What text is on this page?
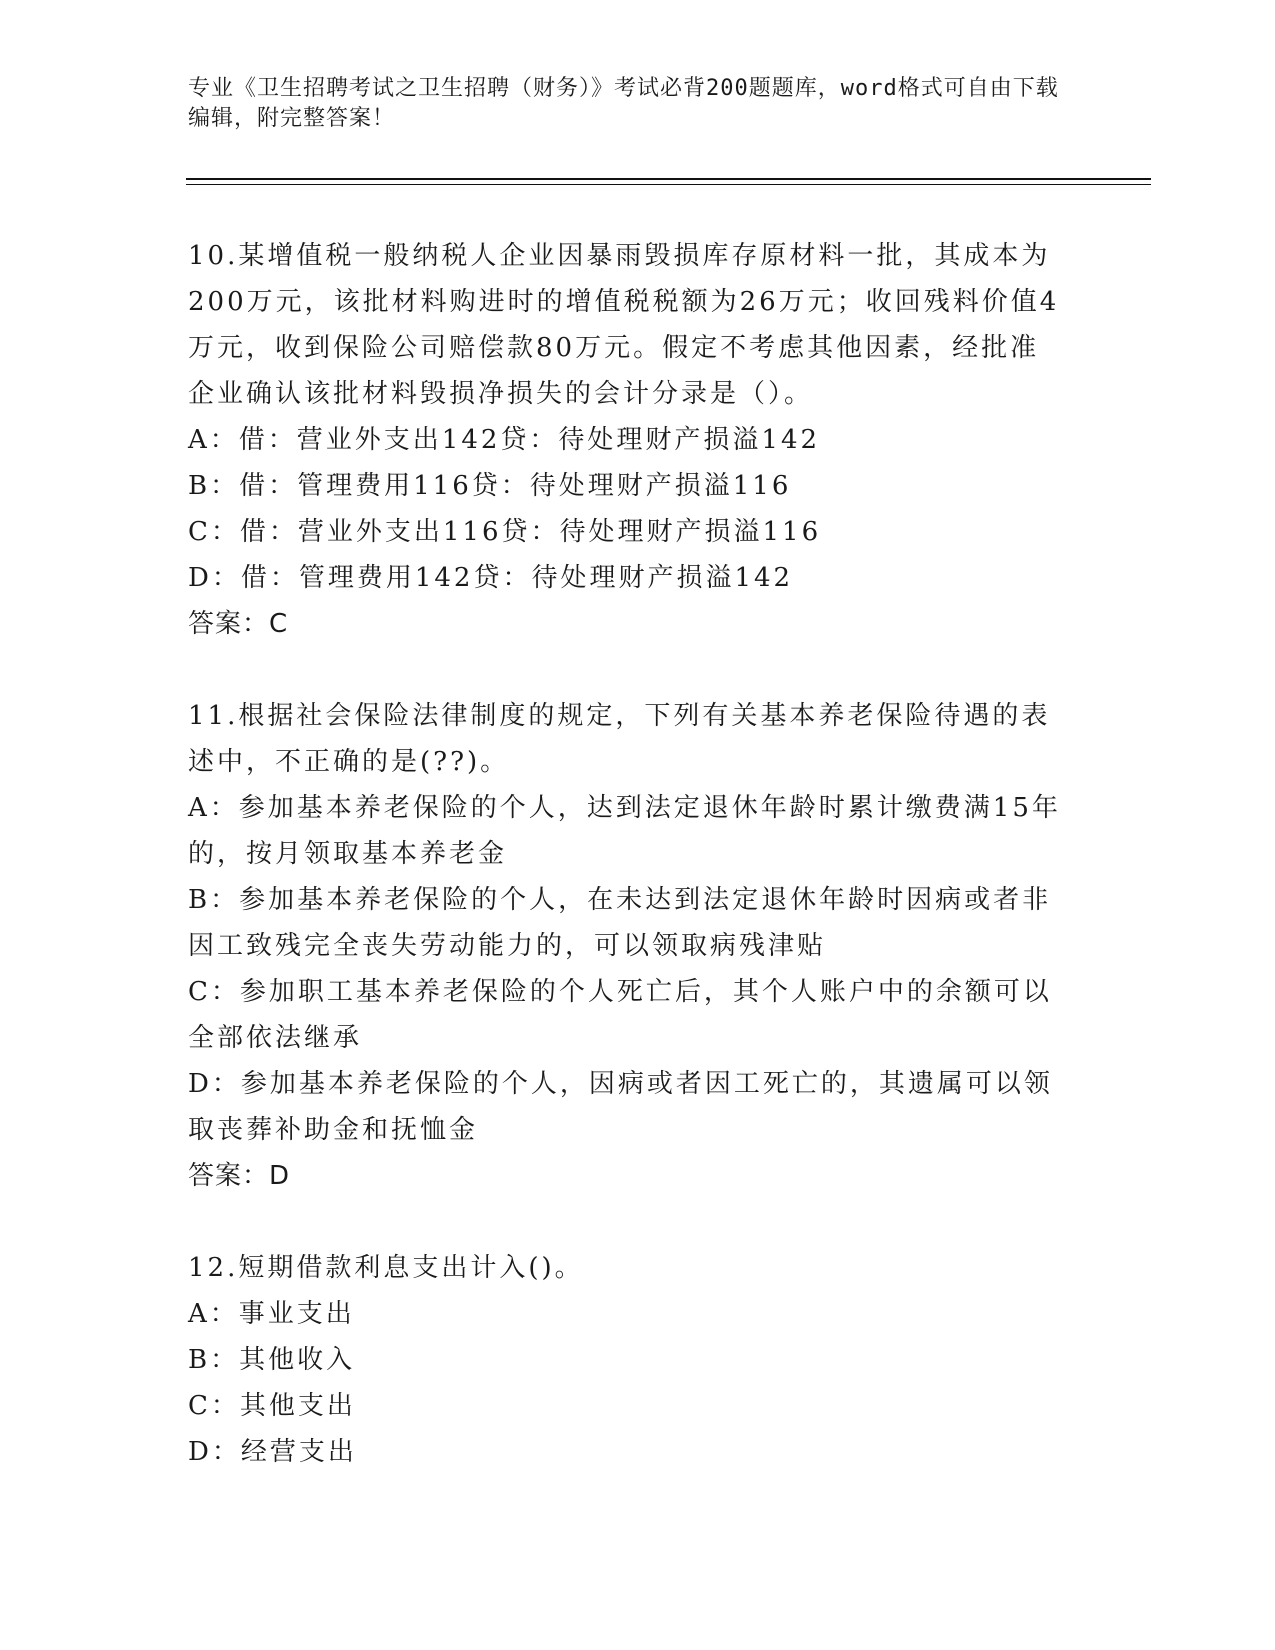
专业《卫生招聘考试之卫生招聘（财务）》考试必背200题题库，word格式可自由下载编辑，附完整答案！

10.某增值税一般纳税人企业因暴雨毁损库存原材料一批，其成本为200万元，该批材料购进时的增值税税额为26万元；收回残料价值4万元，收到保险公司赔偿款80万元。假定不考虑其他因素，经批准企业确认该批材料毁损净损失的会计分录是（）。

A：借：营业外支出142贷：待处理财产损溢142

B：借：管理费用116贷：待处理财产损溢116

C：借：营业外支出116贷：待处理财产损溢116

D：借：管理费用142贷：待处理财产损溢142

答案：C

11.根据社会保险法律制度的规定，下列有关基本养老保险待遇的表述中，不正确的是(??)。

A：参加基本养老保险的个人，达到法定退休年龄时累计缴费满15年的，按月领取基本养老金

B：参加基本养老保险的个人，在未达到法定退休年龄时因病或者非因工致残完全丧失劳动能力的，可以领取病残津贴

C：参加职工基本养老保险的个人死亡后，其个人账户中的余额可以全部依法继承

D：参加基本养老保险的个人，因病或者因工死亡的，其遗属可以领取丧葬补助金和抚恤金

答案：D

12.短期借款利息支出计入()。

A：事业支出

B：其他收入

C：其他支出

D：经营支出
